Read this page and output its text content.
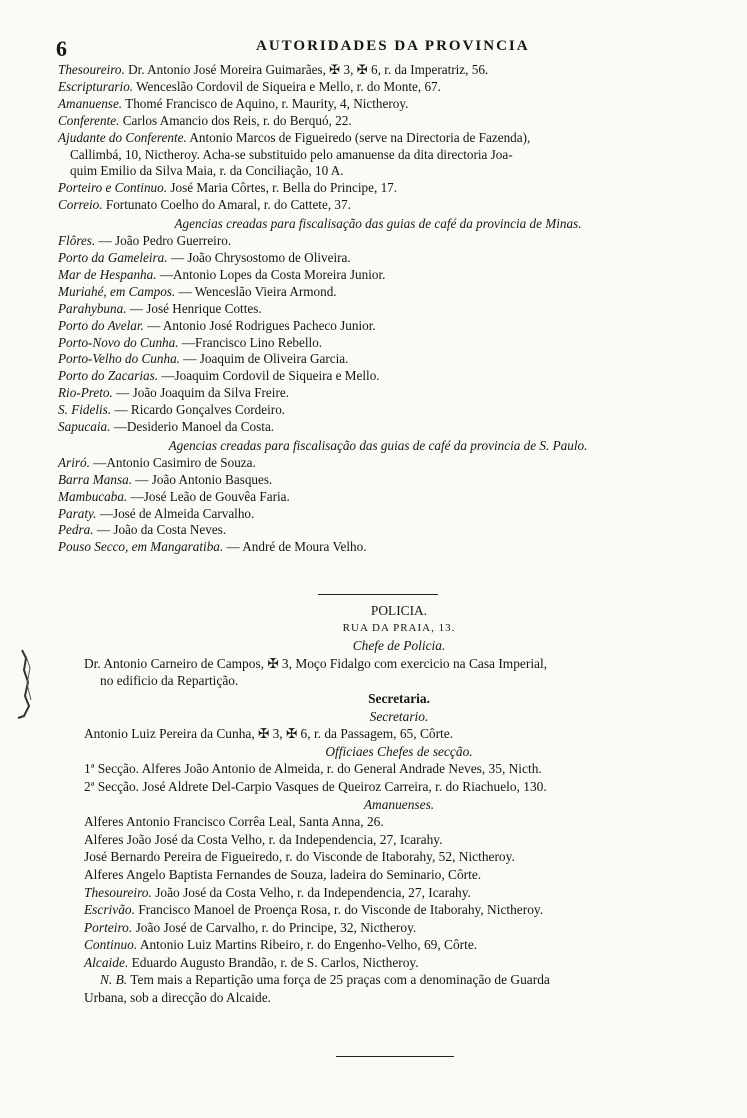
6	AUTORIDADES DA PROVINCIA
Thesoureiro. Dr. Antonio José Moreira Guimarães, ✠ 3, ✠ 6, r. da Imperatriz, 56.
Escripturario. Wenceslão Cordovil de Siqueira e Mello, r. do Monte, 67.
Amanuense. Thomé Francisco de Aquino, r. Maurity, 4, Nictheroy.
Conferente. Carlos Amancio dos Reis, r. do Berquó, 22.
Ajudante do Conferente. Antonio Marcos de Figueiredo (serve na Directoria de Fazenda),
Callimbá, 10, Nictheroy. Acha-se substituido pelo amanuense da dita directoria Joa-
quim Emilio da Silva Maia, r. da Conciliação, 10 A.
Porteiro e Continuo. José Maria Côrtes, r. Bella do Principe, 17.
Correio. Fortunato Coelho do Amaral, r. do Cattete, 37.
Agencias creadas para fiscalisação das guias de café da provincia de Minas.
Flôres. — João Pedro Guerreiro.
Porto da Gameleira. — João Chrysostomo de Oliveira.
Mar de Hespanha. —Antonio Lopes da Costa Moreira Junior.
Muriahé, em Campos. — Wenceslão Vieira Armond.
Parahybuna. — José Henrique Cottes.
Porto do Avelar. — Antonio José Rodrigues Pacheco Junior.
Porto-Novo do Cunha. —Francisco Lino Rebello.
Porto-Velho do Cunha. — Joaquim de Oliveira Garcia.
Porto do Zacarias. —Joaquim Cordovil de Siqueira e Mello.
Rio-Preto. — João Joaquim da Silva Freire.
S. Fidelis. — Ricardo Gonçalves Cordeiro.
Sapucaia. —Desiderio Manoel da Costa.
Agencias creadas para fiscalisação das guias de café da provincia de S. Paulo.
Ariró. —Antonio Casimiro de Souza.
Barra Mansa. — João Antonio Basques.
Mambucaba. —José Leão de Gouvêa Faria.
Paraty. —José de Almeida Carvalho.
Pedra. — João da Costa Neves.
Pouso Secco, em Mangaratiba. — André de Moura Velho.
POLICIA.
RUA DA PRAIA, 13.
Chefe de Policia.
Dr. Antonio Carneiro de Campos, ✠ 3, Moço Fidalgo com exercicio na Casa Imperial,
no edificio da Repartição.
Secretaria.
Secretario.
Antonio Luiz Pereira da Cunha, ✠ 3, ✠ 6, r. da Passagem, 65, Côrte.
Officiaes Chefes de secção.
1ª Secção. Alferes João Antonio de Almeida, r. do General Andrade Neves, 35, Nicth.
2ª Secção. José Aldrete Del-Carpio Vasques de Queiroz Carreira, r. do Riachuelo, 130.
Amanuenses.
Alferes Antonio Francisco Corrêa Leal, Santa Anna, 26.
Alferes João José da Costa Velho, r. da Independencia, 27, Icarahy.
José Bernardo Pereira de Figueiredo, r. do Visconde de Itaborahy, 52, Nictheroy.
Alferes Angelo Baptista Fernandes de Souza, ladeira do Seminario, Côrte.
Thesoureiro. João José da Costa Velho, r. da Independencia, 27, Icarahy.
Escrivão. Francisco Manoel de Proença Rosa, r. do Visconde de Itaborahy, Nictheroy.
Porteiro. João José de Carvalho, r. do Principe, 32, Nictheroy.
Continuo. Antonio Luiz Martins Ribeiro, r. do Engenho-Velho, 69, Côrte.
Alcaide. Eduardo Augusto Brandão, r. de S. Carlos, Nictheroy.
N. B. Tem mais a Repartição uma força de 25 praças com a denominação de Guarda
Urbana, sob a direcção do Alcaide.
